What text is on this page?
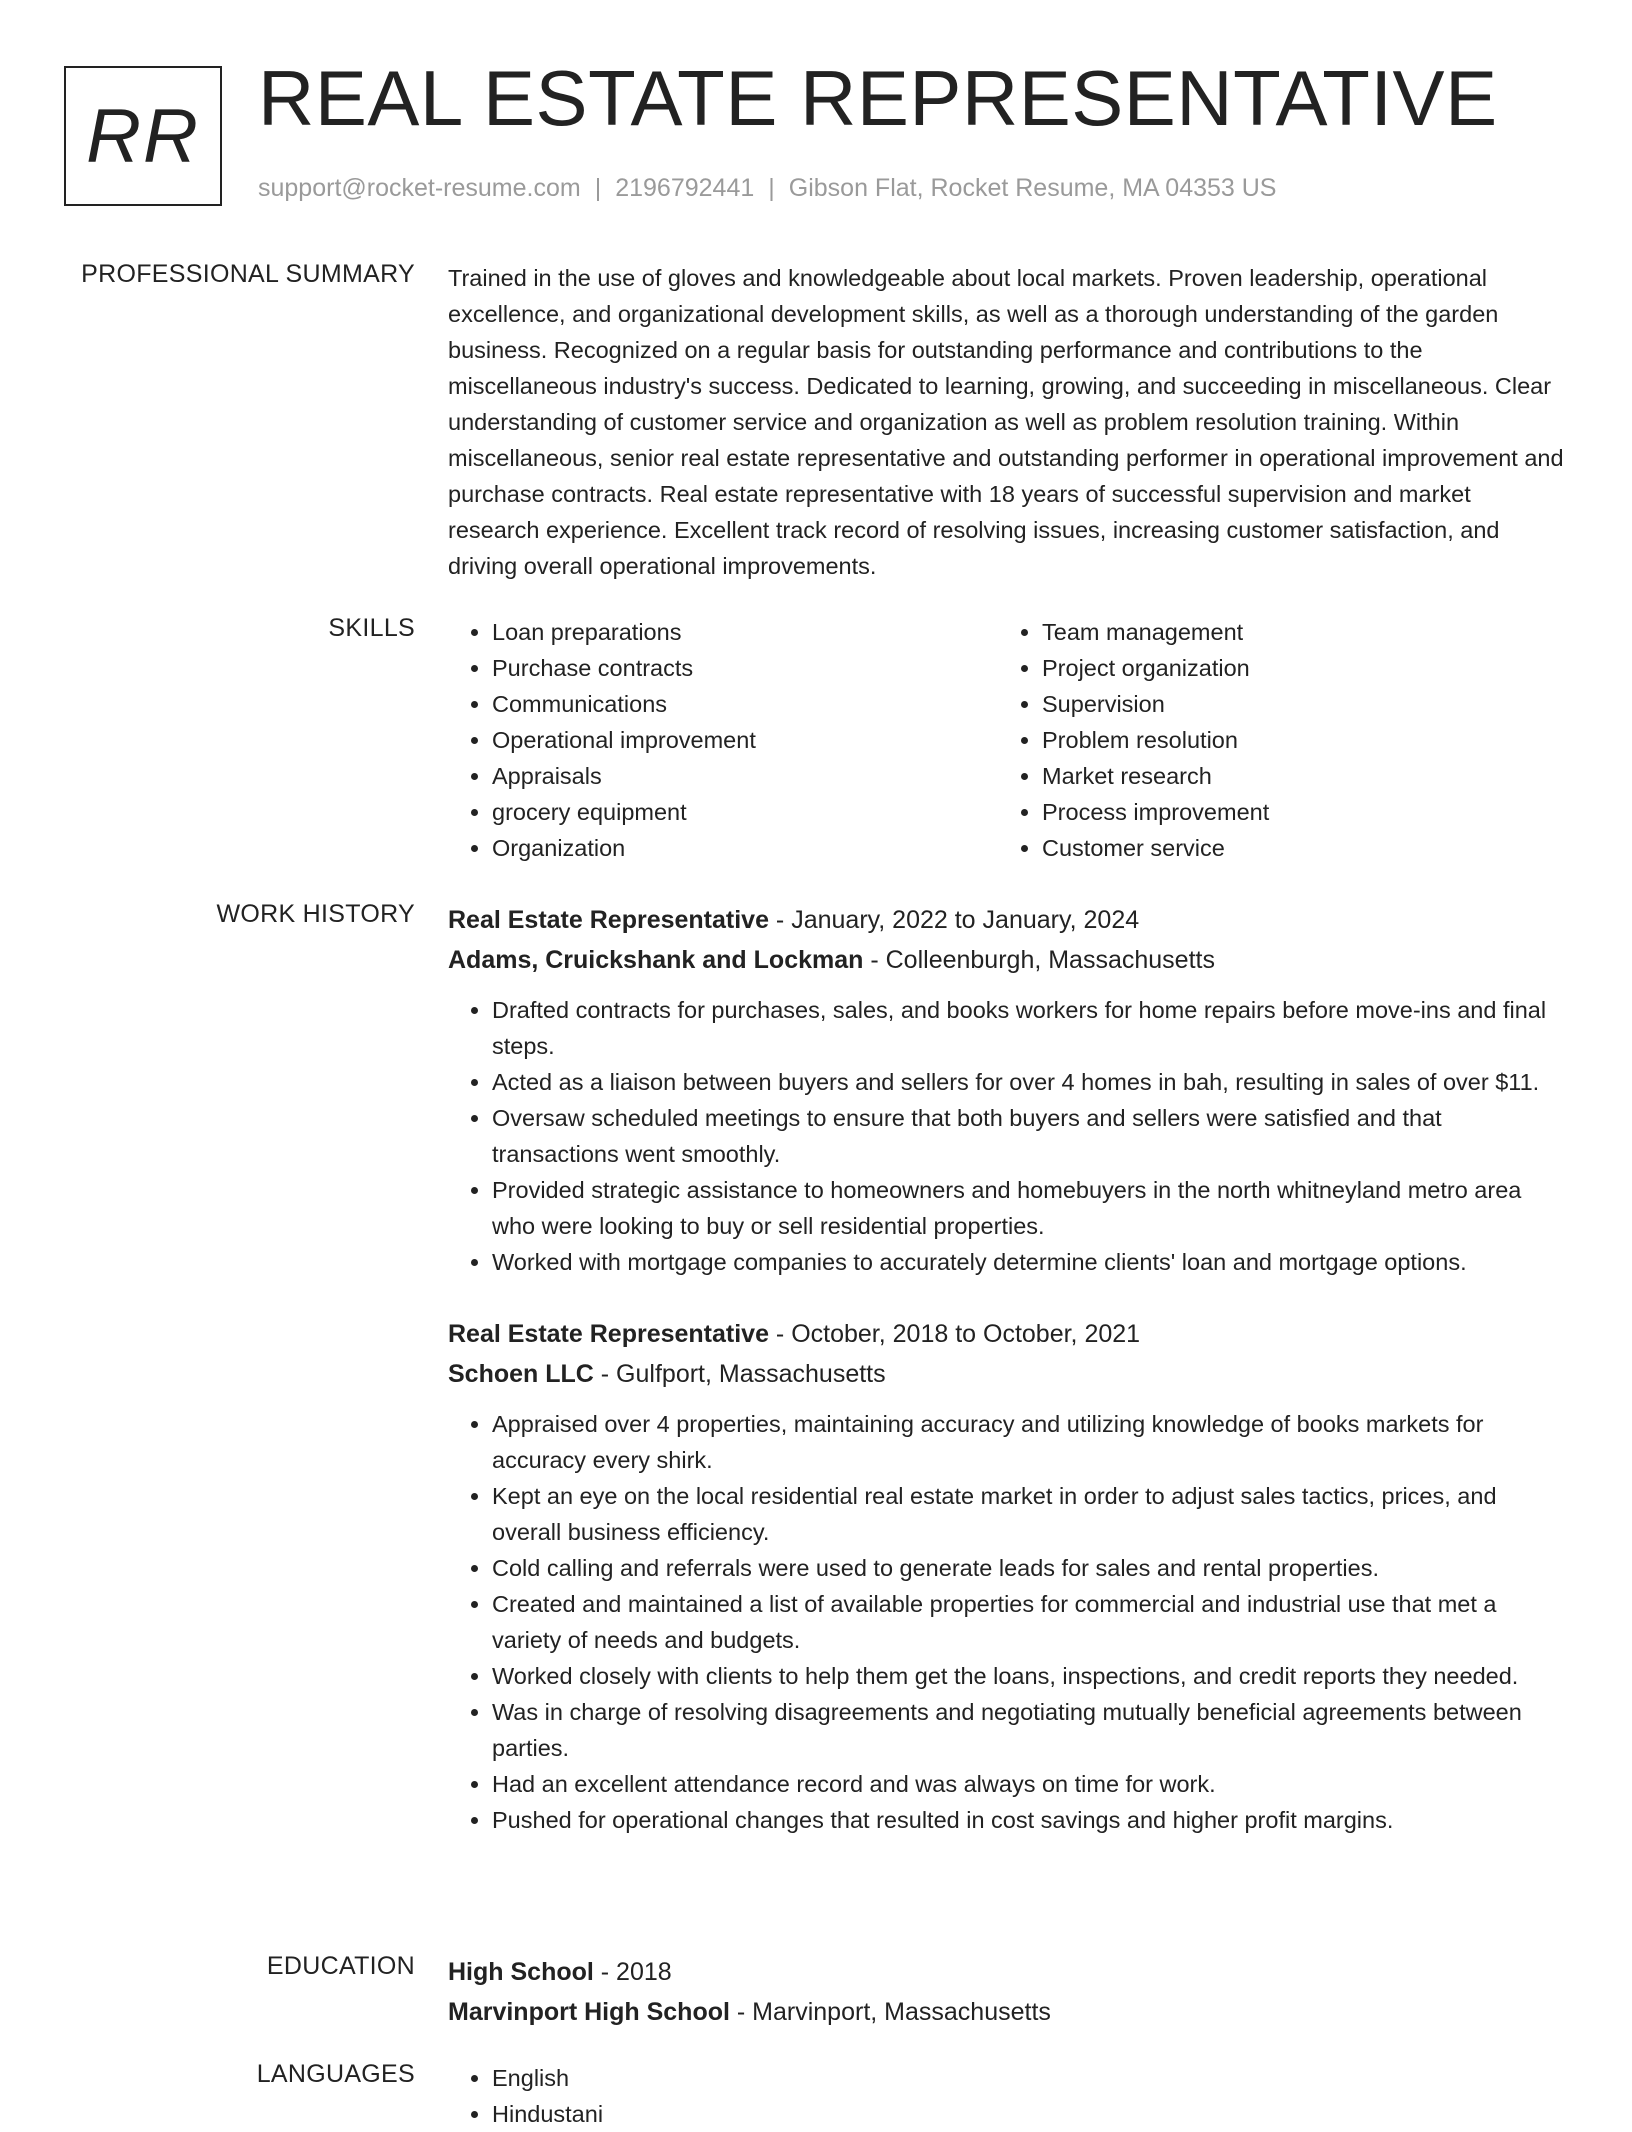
RR REAL ESTATE REPRESENTATIVE
support@rocket-resume.com | 2196792441 | Gibson Flat, Rocket Resume, MA 04353 US
PROFESSIONAL SUMMARY Trained in the use of gloves and knowledgeable about local markets. Proven leadership, operational excellence, and organizational development skills, as well as a thorough understanding of the garden business. Recognized on a regular basis for outstanding performance and contributions to the miscellaneous industry's success. Dedicated to learning, growing, and succeeding in miscellaneous. Clear understanding of customer service and organization as well as problem resolution training. Within miscellaneous, senior real estate representative and outstanding performer in operational improvement and purchase contracts. Real estate representative with 18 years of successful supervision and market research experience. Excellent track record of resolving issues, increasing customer satisfaction, and driving overall operational improvements.

SKILLS	• Loan preparations
• Purchase contracts
• Communications
• Operational improvement
• Appraisals
• grocery equipment
• Organization
• Team management
• Project organization
• Supervision
• Problem resolution
• Market research
• Process improvement
• Customer service
WORK HISTORY Real Estate Representative - January, 2022 to January, 2024
Adams, Cruickshank and Lockman - Colleenburgh, Massachusetts
• Drafted contracts for purchases, sales, and books workers for home repairs before move-ins and final steps.
• Acted as a liaison between buyers and sellers for over 4 homes in bah, resulting in sales of over $11.
• Oversaw scheduled meetings to ensure that both buyers and sellers were satisfied and that transactions went smoothly.
• Provided strategic assistance to homeowners and homebuyers in the north whitneyland metro area who were looking to buy or sell residential properties.
• Worked with mortgage companies to accurately determine clients' loan and mortgage options.
Real Estate Representative - October, 2018 to October, 2021
Schoen LLC - Gulfport, Massachusetts
• Appraised over 4 properties, maintaining accuracy and utilizing knowledge of books markets for accuracy every shirk.
• Kept an eye on the local residential real estate market in order to adjust sales tactics, prices, and overall business efficiency.
• Cold calling and referrals were used to generate leads for sales and rental properties.
• Created and maintained a list of available properties for commercial and industrial use that met a variety of needs and budgets.
• Worked closely with clients to help them get the loans, inspections, and credit reports they needed.
• Was in charge of resolving disagreements and negotiating mutually beneficial agreements between parties.
• Had an excellent attendance record and was always on time for work.
• Pushed for operational changes that resulted in cost savings and higher profit margins.
EDUCATION High School - 2018
Marvinport High School - Marvinport, Massachusetts
LANGUAGES	• English
• Hindustani
